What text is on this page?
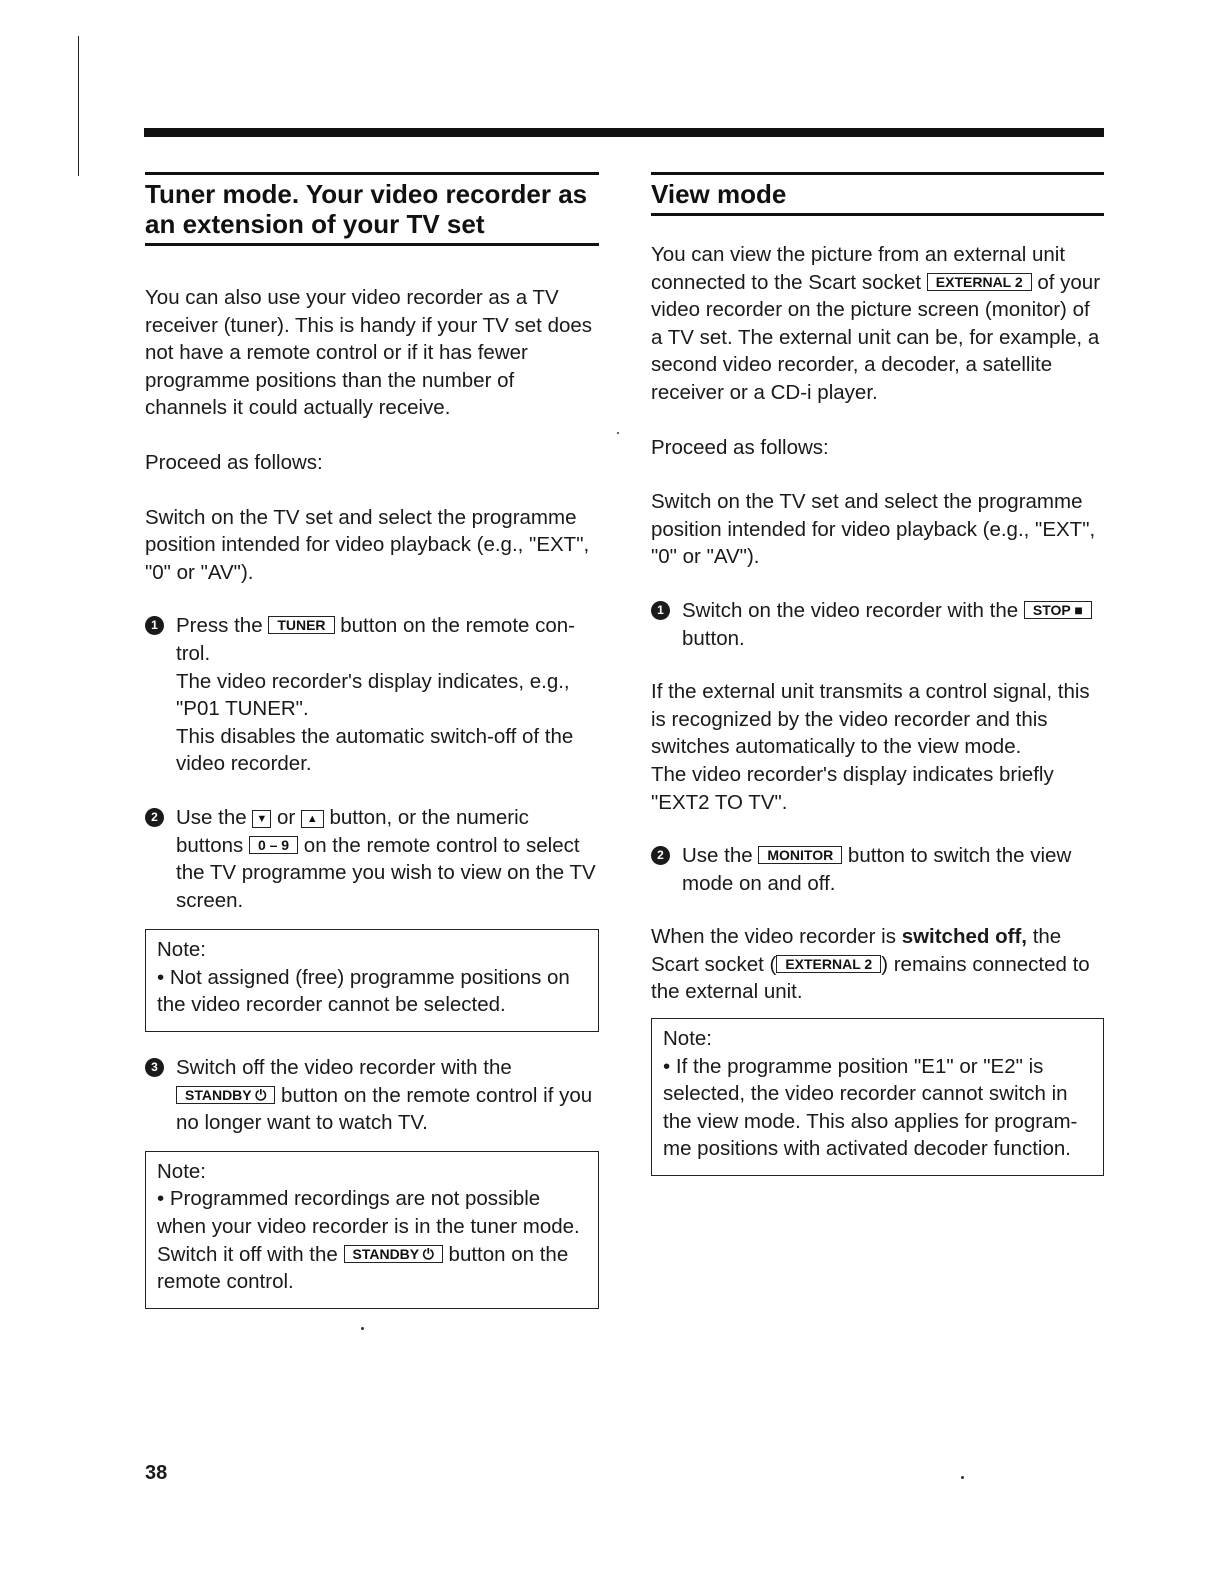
Tuner mode. Your video recorder as an extension of your TV set

You can also use your video recorder as a TV receiver (tuner). This is handy if your TV set does not have a remote control or if it has fewer programme positions than the number of channels it could actually receive.

Proceed as follows:

Switch on the TV set and select the programme position intended for video playback (e.g., "EXT", "0" or "AV").

1 Press the TUNER button on the remote con-trol.

The video recorder's display indicates, e.g., "P01 TUNER".

This disables the automatic switch-off of the video recorder.

2 Use the ▼ or ▲ button, or the numeric buttons 0 – 9 on the remote control to select the TV programme you wish to view on the TV screen.

Note:

• Not assigned (free) programme positions on the video recorder cannot be selected.

3 Switch off the video recorder with the STANDBY ⏻ button on the remote control if you no longer want to watch TV.

Note:

• Programmed recordings are not possible when your video recorder is in the tuner mode. Switch it off with the STANDBY ⏻ button on the remote control.

View mode

You can view the picture from an external unit connected to the Scart socket EXTERNAL 2 of your video recorder on the picture screen (monitor) of a TV set. The external unit can be, for example, a second video recorder, a decoder, a satellite receiver or a CD-i player.

Proceed as follows:

Switch on the TV set and select the programme position intended for video playback (e.g., "EXT", "0" or "AV").

1 Switch on the video recorder with the STOP ■ button.

If the external unit transmits a control signal, this is recognized by the video recorder and this switches automatically to the view mode.

The video recorder's display indicates briefly "EXT2 TO TV".

2 Use the MONITOR button to switch the view mode on and off.

When the video recorder is switched off, the Scart socket ( EXTERNAL 2 ) remains connected to the external unit.

Note:

• If the programme position "E1" or "E2" is selected, the video recorder cannot switch in the view mode. This also applies for program-me positions with activated decoder function.

38
